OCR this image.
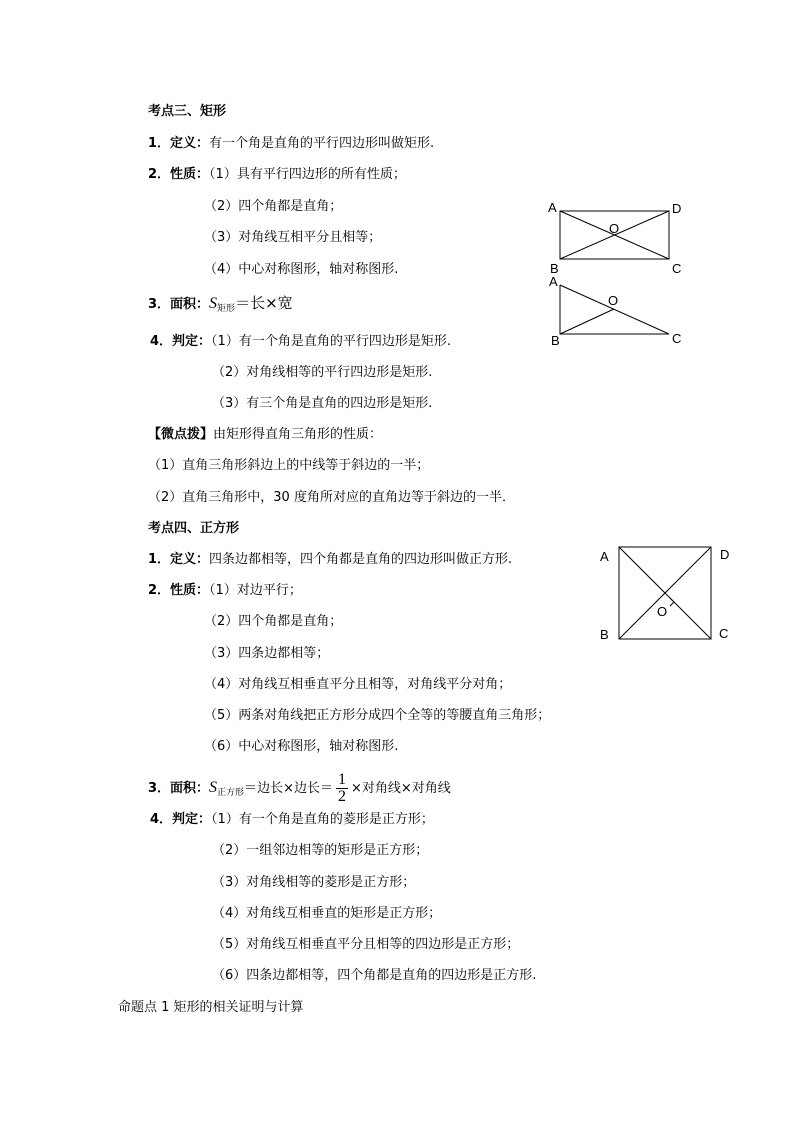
考点三、矩形
1．定义：有一个角是直角的平行四边形叫做矩形.
2．性质：（1）具有平行四边形的所有性质；
（2）四个角都是直角；
（3）对角线互相平分且相等；
（4）中心对称图形，轴对称图形.
3．面积：$S_{矩形}=$长×宽
4．判定：（1）有一个角是直角的平行四边形是矩形.
（2）对角线相等的平行四边形是矩形.
（3）有三个角是直角的四边形是矩形.
【微点拨】由矩形得直角三角形的性质：
（1）直角三角形斜边上的中线等于斜边的一半；
（2）直角三角形中，30 度角所对应的直角边等于斜边的一半．
A	D
O
B	C
A
O
B	C
考点四、正方形
1．定义：四条边都相等，四个角都是直角的四边形叫做正方形.
2．性质：（1）对边平行；
（2）四个角都是直角；
（3）四条边都相等；
（4）对角线互相垂直平分且相等，对角线平分对角；
（5）两条对角线把正方形分成四个全等的等腰直角三角形；
（6）中心对称图形，轴对称图形.
3．面积：$S_{正方形}=$边长×边长＝ $\frac{1}{2}$ ×对角线×对角线
4．判定：（1）有一个角是直角的菱形是正方形；
（2）一组邻边相等的矩形是正方形；
（3）对角线相等的菱形是正方形；
（4）对角线互相垂直的矩形是正方形；
（5）对角线互相垂直平分且相等的四边形是正方形；
（6）四条边都相等，四个角都是直角的四边形是正方形.
A	D
O
B	C
命题点 1 矩形的相关证明与计算
